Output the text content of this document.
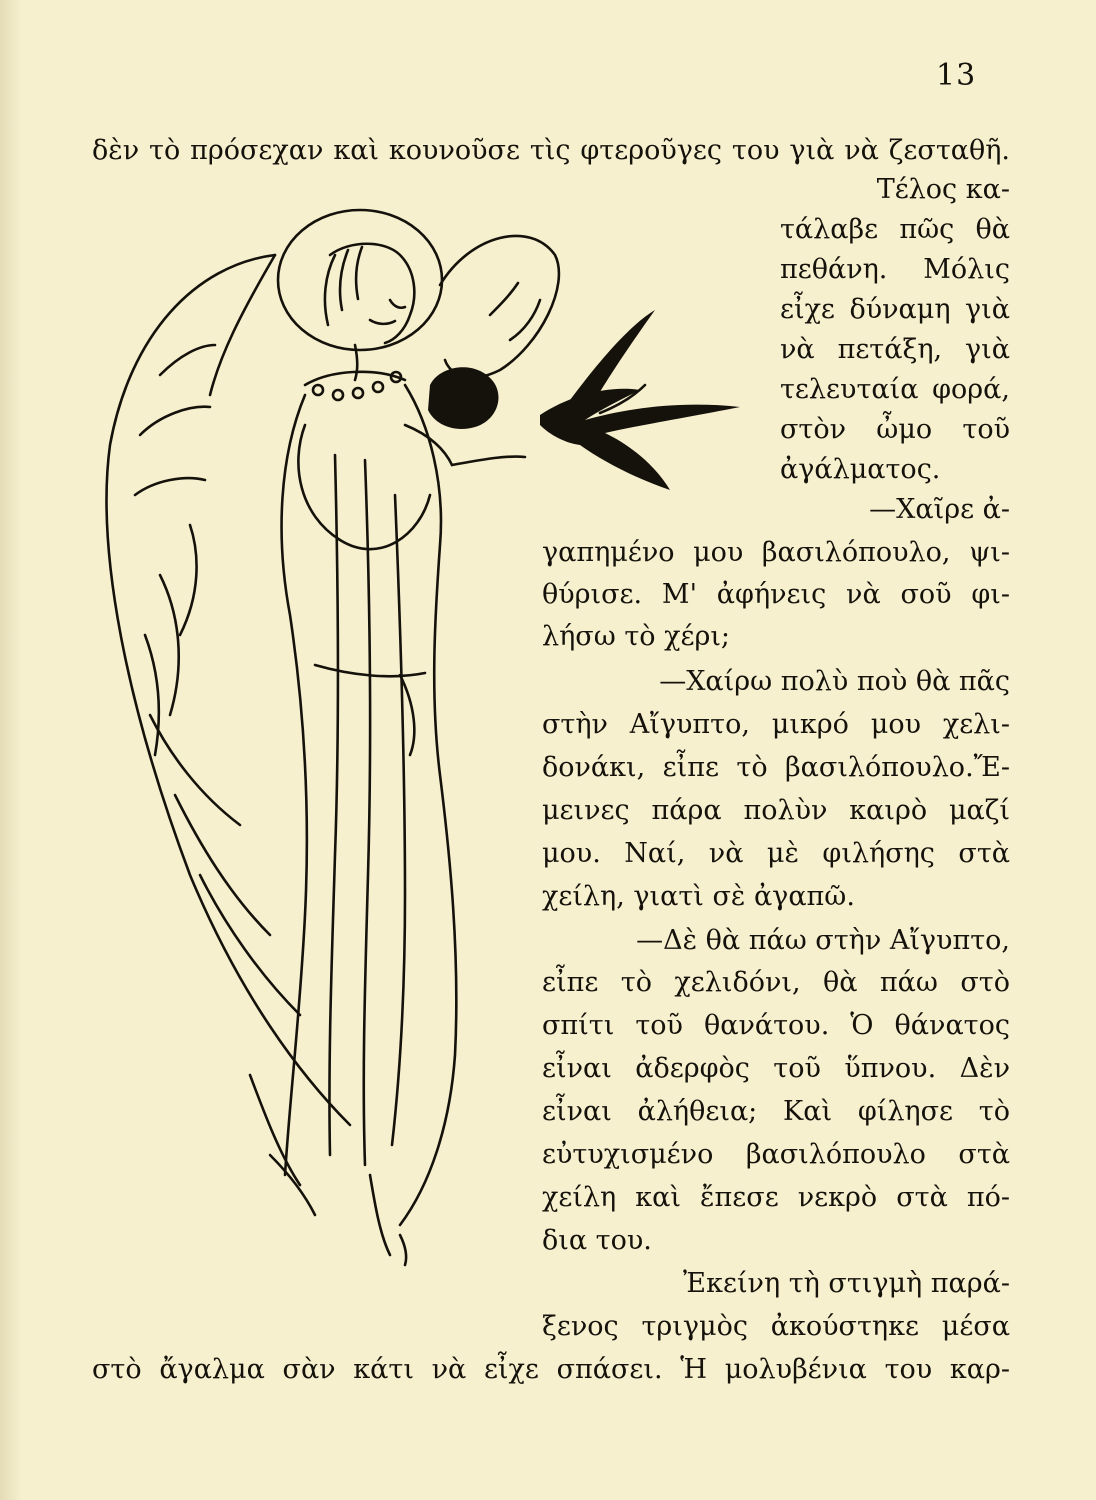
13
δὲν τὸ πρόσεχαν καὶ κουνοῦσε τὶς φτεροῦγες του γιὰ νὰ ζεσταθῆ.
Τέλος κα-
τάλαβε πῶς θὰ
πεθάνη. Μόλις
εἶχε δύναμη γιὰ
νὰ πετάξη, γιὰ
τελευταία φορά,
στὸν ὦμο τοῦ
ἀγάλματος.
—Χαῖρε ἀ-
γαπημένο μου βασιλόπουλο, ψι-
θύρισε. Μ' ἀφήνεις νὰ σοῦ φι-
λήσω τὸ χέρι;
—Χαίρω πολὺ ποὺ θὰ πᾶς
στὴν Αἴγυπτο, μικρό μου χελι-
δονάκι, εἶπε τὸ βασιλόπουλο.Ἔ-
μεινες πάρα πολὺν καιρὸ μαζί
μου. Ναί, νὰ μὲ φιλήσης στὰ
χείλη, γιατὶ σὲ ἀγαπῶ.
—Δὲ θὰ πάω στὴν Αἴγυπτο,
εἶπε τὸ χελιδόνι, θὰ πάω στὸ
σπίτι τοῦ θανάτου. Ὁ θάνατος
εἶναι ἀδερφὸς τοῦ ὕπνου. Δὲν
εἶναι ἀλήθεια; Καὶ φίλησε τὸ
εὐτυχισμένο βασιλόπουλο στὰ
χείλη καὶ ἔπεσε νεκρὸ στὰ πό-
δια του.
Ἐκείνη τὴ στιγμὴ παρά-
ξενος τριγμὸς ἀκούστηκε μέσα
στὸ ἄγαλμα σὰν κάτι νὰ εἶχε σπάσει. Ἡ μολυβένια του καρ-
